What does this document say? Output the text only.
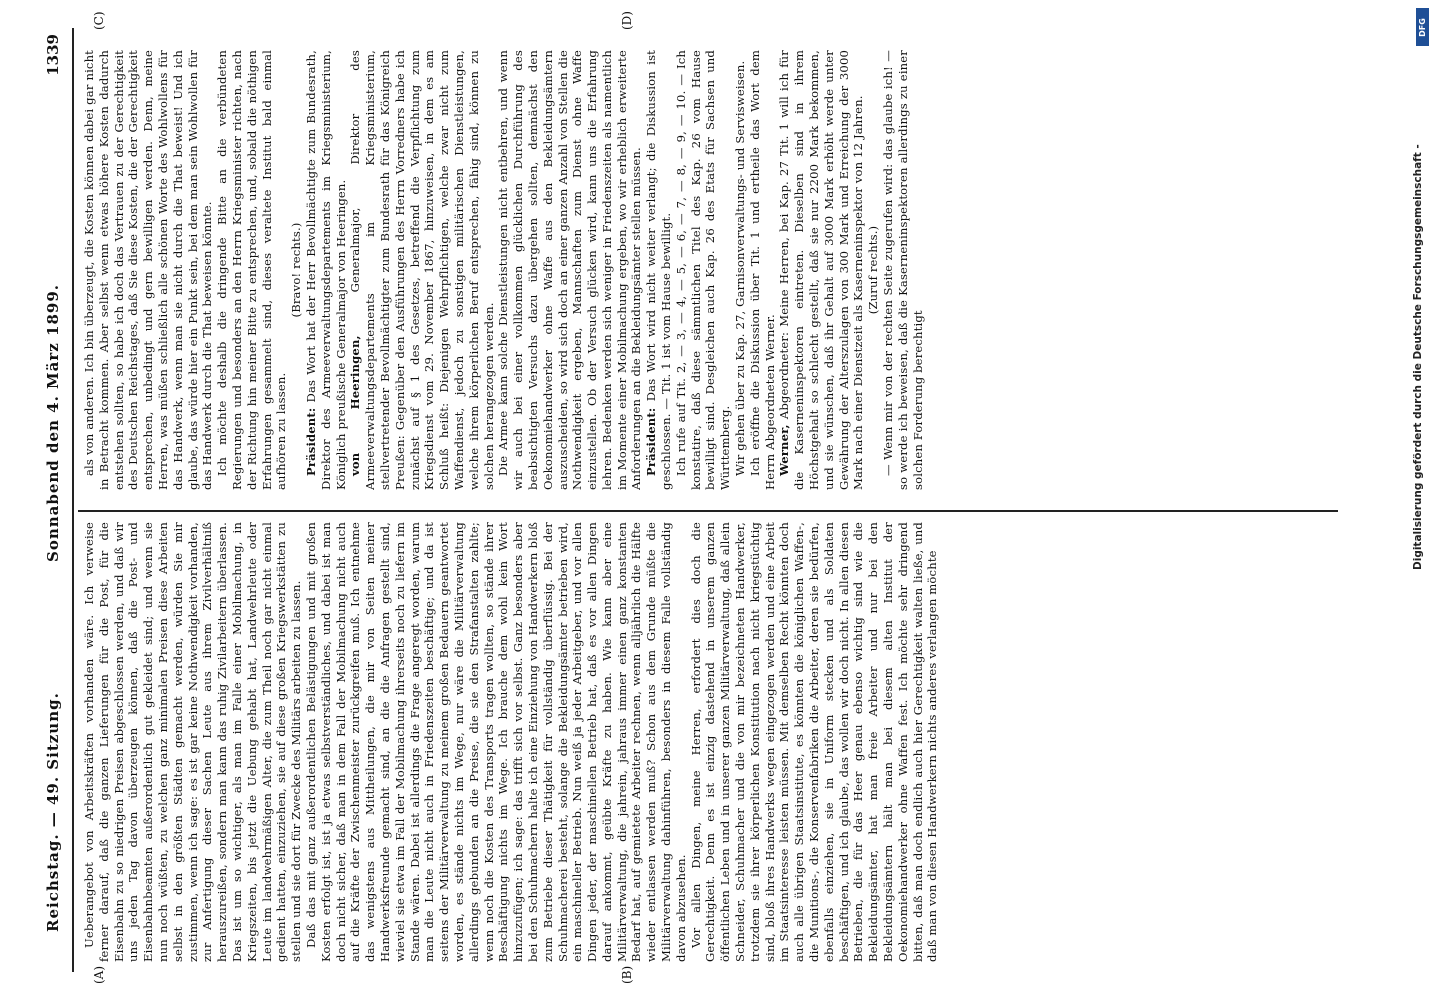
Reichstag. — 49. Sitzung.
Sonnabend den 4. März 1899.
1339
(A)	(B)
(C)	(D)

Ueberangebot von Arbeitskräften vorhanden wäre. Ich verweise ferner darauf, daß die ganzen Lieferungen für die Post, für die Eisenbahn zu so niedrigen Preisen abgeschlossen werden, und daß wir uns jeden Tag davon überzeugen können, daß die Post- und Eisenbahnbeamten außerordentlich gut gekleidet sind; und wenn sie nun noch wüßten, zu welchen ganz minimalen Preisen diese Arbeiten selbst in den größten Städten gemacht werden, würden Sie mir zustimmen, wenn ich sage: es ist gar keine Nothwendigkeit vorhanden, zur Anfertigung dieser Sachen Leute aus ihrem Zivilverhältniß herauszureißen, sondern man kann das ruhig Zivilarbeitern überlassen. Das ist um so wichtiger, als man im Falle einer Mobilmachung, in Kriegszeiten, bis jetzt die Uebung gehabt hat, Landwehrleute oder Leute im landwehrmäßigen Alter, die zum Theil noch gar nicht einmal gedient hatten, einzuziehen, sie auf diese großen Kriegswerkstätten zu stellen und sie dort für Zwecke des Militärs arbeiten zu lassen. Daß das mit ganz außerordentlichen Belästigungen und mit großen Kosten erfolgt ist, ist ja etwas selbstverständliches, und dabei ist man doch nicht sicher, daß man in dem Fall der Mobilmachung nicht auch auf die Kräfte der Zwischenmeister zurückgreifen muß. Ich entnehme das wenigstens aus Mittheilungen, die mir von Seiten meiner Handwerksfreunde gemacht sind, an die die Anfragen gestellt sind, wieviel sie etwa im Fall der Mobilmachung ihrerseits noch zu liefern im Stande wären. Dabei ist allerdings die Frage angeregt worden, warum man die Leute nicht auch in Friedenszeiten beschäftige; und da ist seitens der Militärverwaltung zu meinem großen Bedauern geantwortet worden, es stände nichts im Wege, nur wäre die Militärverwaltung allerdings gebunden an die Preise, die sie den Strafanstalten zahlte; wenn noch die Kosten des Transports tragen wollten, so stände ihrer Beschäftigung nichts im Wege. Ich brauche dem wohl kein Wort hinzuzufügen; ich sage: das trifft sich vor selbst. Ganz besonders aber bei den Schuhmachern halte ich eine Einziehung von Handwerkern bloß zum Betriebe dieser Thätigkeit für vollständig überflüssig. Bei der Schuhmacherei besteht, solange die Bekleidungsämter betrieben wird, ein maschineller Betrieb. Nun weiß ja jeder Arbeitgeber, und vor allen Dingen jeder, der maschinellen Betrieb hat, daß es vor allen Dingen darauf ankommt, geübte Kräfte zu haben. Wie kann aber eine Militärverwaltung, die jahrein, jahraus immer einen ganz konstanten Bedarf hat, auf gemietete Arbeiter rechnen, wenn alljährlich die Hälfte wieder entlassen werden muß? Schon aus dem Grunde müßte die Militärverwaltung dahinführen, besonders in diesem Falle vollständig davon abzusehen. Vor allen Dingen, meine Herren, erfordert dies doch die Gerechtigkeit. Denn es ist einzig dastehend in unserem ganzen öffentlichen Leben und in unserer ganzen Militärverwaltung, daß allein Schneider, Schuhmacher und die von mir bezeichneten Handwerker, trotzdem sie ihrer körperlichen Konstitution nach nicht kriegstüchtig sind, bloß ihres Handwerks wegen eingezogen werden und eine Arbeit im Staatsinteresse leisten müssen. Mit demselben Recht könnten doch auch alle übrigen Staatsinstitute, es könnten die königlichen Waffen-, die Munitions-, die Konservenfabriken die Arbeiter, deren sie bedürfen, ebenfalls einziehen, sie in Uniform stecken und als Soldaten beschäftigen, und ich glaube, das wollen wir doch nicht. In allen diesen Betrieben, die für das Heer genau ebenso wichtig sind wie die Bekleidungsämter, hat man freie Arbeiter und nur bei den Bekleidungsämtern hält man bei diesem alten Institut der Oekonomiehandwerker ohne Waffen fest. Ich möchte sehr dringend bitten, daß man doch endlich auch hier Gerechtigkeit walten ließe, und daß man von diesen Handwerkern nichts anderes verlangen möchte

als von anderen. Ich bin überzeugt, die Kosten können dabei gar nicht in Betracht kommen. Aber selbst wenn etwas höhere Kosten dadurch entstehen sollten, so habe ich doch das Vertrauen zu der Gerechtigkeit des Deutschen Reichstages, daß Sie diese Kosten, die der Gerechtigkeit entsprechen, unbedingt und gern bewilligen werden. Denn, meine Herren, was müßen schließlich alle schönen Worte des Wohlwollens für das Handwerk, wenn man sie nicht durch die That beweist! Und ich glaube, das würde hier ein Punkt sein, bei dem man sein Wohlwollen für das Handwerk durch die That beweisen könnte. Ich möchte deshalb die dringende Bitte an die verbündeten Regierungen und besonders an den Herrn Kriegsminister richten, nach der Richtung hin meiner Bitte zu entsprechen, und, sobald die nöthigen Erfahrungen gesammelt sind, dieses veraltete Institut bald einmal aufhören zu lassen.

(Bravo! rechts.)

Präsident: Das Wort hat der Herr Bevollmächtigte zum Bundesrath, Direktor des Armeeverwaltungsdepartements im Kriegsministerium, Königlich preußische Generalmajor von Heeringen. von Heeringen, Generalmajor, Direktor des Armeeverwaltungsdepartements im Kriegsministerium, stellvertretender Bevollmächtigter zum Bundesrath für das Königreich Preußen: Gegenüber den Ausführungen des Herrn Vorredners habe ich zunächst auf § 1 des Gesetzes, betreffend die Verpflichtung zum Kriegsdienst vom 29. November 1867, hinzuweisen, in dem es am Schluß heißt: Diejenigen Wehrpflichtigen, welche zwar nicht zum Waffendienst, jedoch zu sonstigen militärischen Dienstleistungen, welche ihrem körperlichen Beruf entsprechen, fähig sind, können zu solchen herangezogen werden. Die Armee kann solche Dienstleistungen nicht entbehren, und wenn wir auch bei einer vollkommen glücklichen Durchführung des beabsichtigten Versuchs dazu übergehen sollten, demnächst den Oekonomiehandwerker ohne Waffe aus den Bekleidungsämtern auszuscheiden, so wird sich doch an einer ganzen Anzahl von Stellen die Nothwendigkeit ergeben, Mannschaften zum Dienst ohne Waffe einzustellen. Ob der Versuch glücken wird, kann uns die Erfahrung lehren. Bedenken werden sich weniger in Friedenszeiten als namentlich im Momente einer Mobilmachung ergeben, wo wir erheblich erweiterte Anforderungen an die Bekleidungsämter stellen müssen. Präsident: Das Wort wird nicht weiter verlangt; die Diskussion ist geschlossen. — Tit. 1 ist vom Hause bewilligt. Ich rufe auf Tit. 2, — 3, — 4, — 5, — 6, — 7, — 8, — 9, — 10. — Ich konstatire, daß diese sämmtlichen Titel des Kap. 26 vom Hause bewilligt sind. Desgleichen auch Kap. 26 des Etats für Sachsen und Württemberg. Wir gehen über zu Kap. 27, Garnisonverwaltungs- und Servisweisen. Ich eröffne die Diskussion über Tit. 1 und ertheile das Wort dem Herrn Abgeordneten Werner. Werner, Abgeordneter: Meine Herren, bei Kap. 27 Tit. 1 will ich für die Kaserneninspektoren eintreten. Dieselben sind in ihrem Höchstgehalt so schlecht gestellt, daß sie nur 2200 Mark bekommen, und sie wünschen, daß ihr Gehalt auf 3000 Mark erhöht werde unter Gewährung der Alterszulagen von 300 Mark und Erreichung der 3000 Mark nach einer Dienstzeit als Kaserneninspektor von 12 Jahren. (Zuruf rechts.) — Wenn mir von der rechten Seite zugerufen wird: das glaube ich! — so werde ich beweisen, daß die Kaserneninspektoren allerdings zu einer solchen Forderung berechtigt	Digitalisierung gefördert durch die Deutsche Forschungsgemeinschaft -
DFG
